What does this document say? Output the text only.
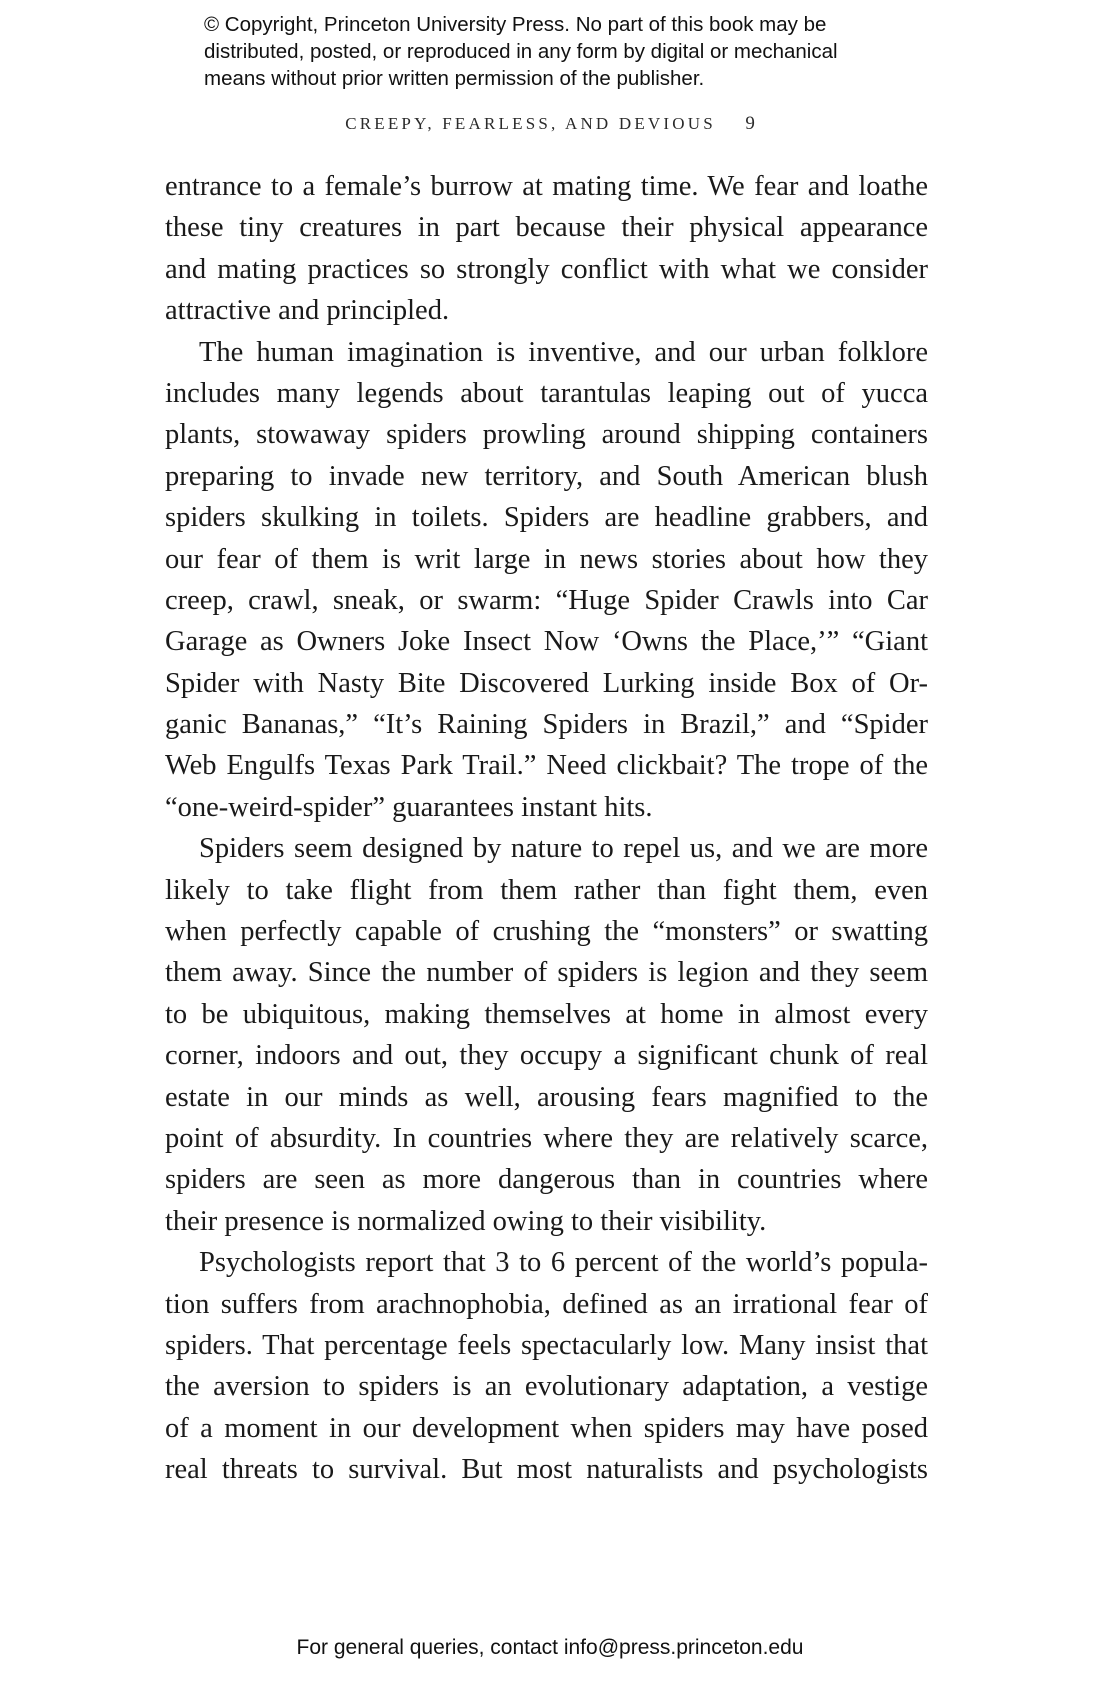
© Copyright, Princeton University Press. No part of this book may be
distributed, posted, or reproduced in any form by digital or mechanical
means without prior written permission of the publisher.
CREEPY, FEARLESS, AND DEVIOUS 9

entrance to a female’s burrow at mating time. We fear and loathe
these tiny creatures in part because their physical appearance
and mating practices so strongly conflict with what we consider
attractive and principled.

The human imagination is inventive, and our urban folklore
includes many legends about tarantulas leaping out of yucca
plants, stowaway spiders prowling around shipping containers
preparing to invade new territory, and South American blush
spiders skulking in toilets. Spiders are headline grabbers, and
our fear of them is writ large in news stories about how they
creep, crawl, sneak, or swarm: “Huge Spider Crawls into Car
Garage as Owners Joke Insect Now ‘Owns the Place,’” “Giant
Spider with Nasty Bite Discovered Lurking inside Box of Or-
ganic Bananas,” “It’s Raining Spiders in Brazil,” and “Spider
Web Engulfs Texas Park Trail.” Need clickbait? The trope of the
“one-weird-spider” guarantees instant hits.

Spiders seem designed by nature to repel us, and we are more
likely to take flight from them rather than fight them, even
when perfectly capable of crushing the “monsters” or swatting
them away. Since the number of spiders is legion and they seem
to be ubiquitous, making themselves at home in almost every
corner, indoors and out, they occupy a significant chunk of real
estate in our minds as well, arousing fears magnified to the
point of absurdity. In countries where they are relatively scarce,
spiders are seen as more dangerous than in countries where
their presence is normalized owing to their visibility.

Psychologists report that 3 to 6 percent of the world’s popula-
tion suffers from arachnophobia, defined as an irrational fear of
spiders. That percentage feels spectacularly low. Many insist that
the aversion to spiders is an evolutionary adaptation, a vestige
of a moment in our development when spiders may have posed
real threats to survival. But most naturalists and psychologists

For general queries, contact info@press.princeton.edu
